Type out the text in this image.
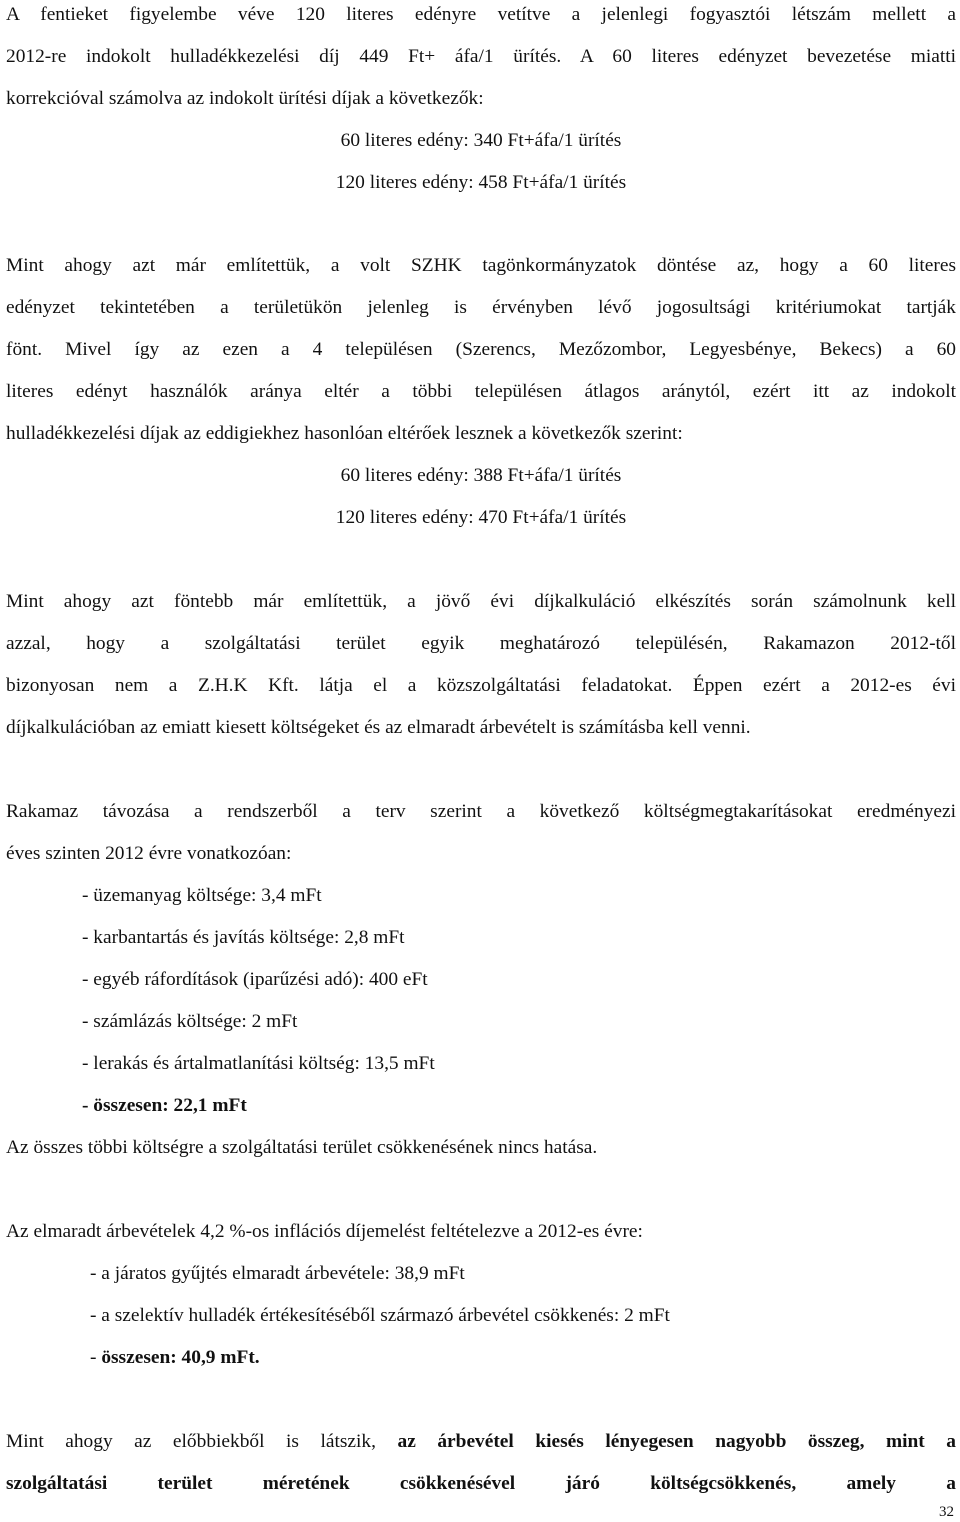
A fentieket figyelembe véve 120 literes edényre vetítve a jelenlegi fogyasztói létszám mellett a
2012-re indokolt hulladékkezelési díj 449 Ft+ áfa/1 ürítés. A 60 literes edényzet bevezetése miatti
korrekcióval számolva az indokolt ürítési díjak a következők:
60 literes edény: 340 Ft+áfa/1 ürítés
120 literes edény: 458 Ft+áfa/1 ürítés
Mint ahogy azt már említettük, a volt SZHK tagönkormányzatok döntése az, hogy a 60 literes
edényzet tekintetében a területükön jelenleg is érvényben lévő jogosultsági kritériumokat tartják
fönt. Mivel így az ezen a 4 településen (Szerencs, Mezőzombor, Legyesbénye, Bekecs) a 60
literes edényt használók aránya eltér a többi településen átlagos aránytól, ezért itt az indokolt
hulladékkezelési díjak az eddigiekhez hasonlóan eltérőek lesznek a következők szerint:
60 literes edény: 388 Ft+áfa/1 ürítés
120 literes edény: 470 Ft+áfa/1 ürítés
Mint ahogy azt föntebb már említettük, a jövő évi díjkalkuláció elkészítés során számolnunk kell
azzal, hogy a szolgáltatási terület egyik meghatározó településén, Rakamazon 2012-től
bizonyosan nem a Z.H.K Kft. látja el a közszolgáltatási feladatokat. Éppen ezért a 2012-es évi
díjkalkulációban az emiatt kiesett költségeket és az elmaradt árbevételt is számításba kell venni.
Rakamaz távozása a rendszerből a terv szerint a következő költségmegtakarításokat eredményezi
éves szinten 2012 évre vonatkozóan:
- üzemanyag költsége: 3,4 mFt
- karbantartás és javítás költsége: 2,8 mFt
- egyéb ráfordítások (iparűzési adó): 400 eFt
- számlázás költsége: 2 mFt
- lerakás és ártalmatlanítási költség: 13,5 mFt
- összesen: 22,1 mFt
Az összes többi költségre a szolgáltatási terület csökkenésének nincs hatása.
Az elmaradt árbevételek 4,2 %-os inflációs díjemelést feltételezve a 2012-es évre:
- a járatos gyűjtés elmaradt árbevétele: 38,9 mFt
- a szelektív hulladék értékesítéséből származó árbevétel csökkenés: 2 mFt
- összesen: 40,9 mFt.
Mint ahogy az előbbiekből is látszik, az árbevétel kiesés lényegesen nagyobb összeg, mint a
szolgáltatási terület méretének csökkenésével járó költségcsökkenés, amely a
32
